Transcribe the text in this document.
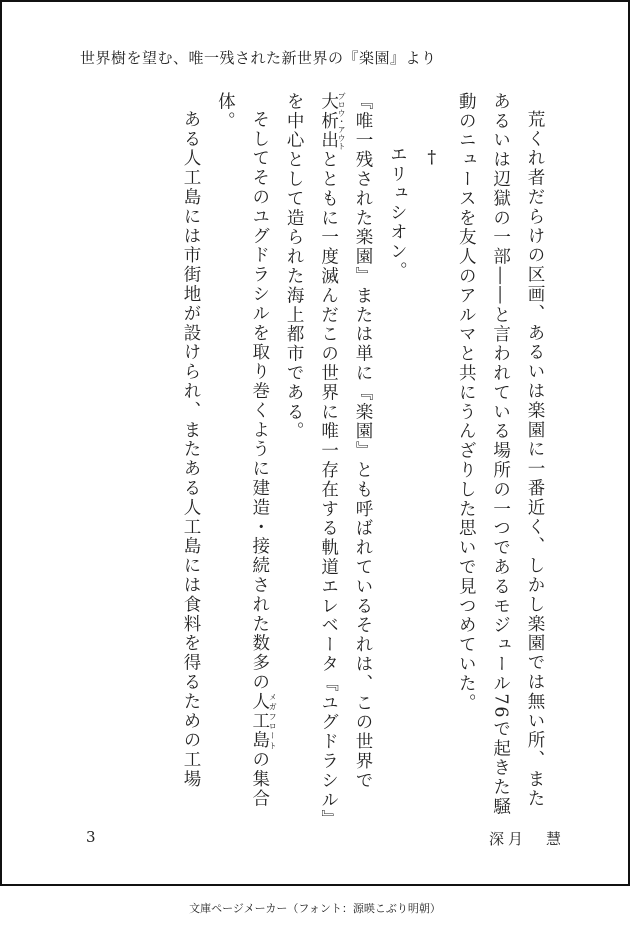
世界樹を望む、唯一残された新世界の『楽園』より

荒くれ者だらけの区画、あるいは楽園に一番近く、しかし楽園では無い所、またあるいは辺獄の一部――と言われている場所の一つであるモジュール76で起きた騒動のニュースを友人のアルマと共にうんざりした思いで見つめていた。

†

エリュシオン。

『唯一残された楽園』または単に『楽園』とも呼ばれているそれは、この世界で大析出ブロウ・アウトとともに一度滅んだこの世界に唯一存在する軌道エレベータ『ユグドラシル』を中心として造られた海上都市である。

そしてそのユグドラシルを取り巻くように建造・接続された数多の人工島メガフロートの集合体。

ある人工島には市街地が設けられ、またある人工島には食料を得るための工場

3	深月　慧
文庫ページメーカー（フォント：源暎こぶり明朝）
